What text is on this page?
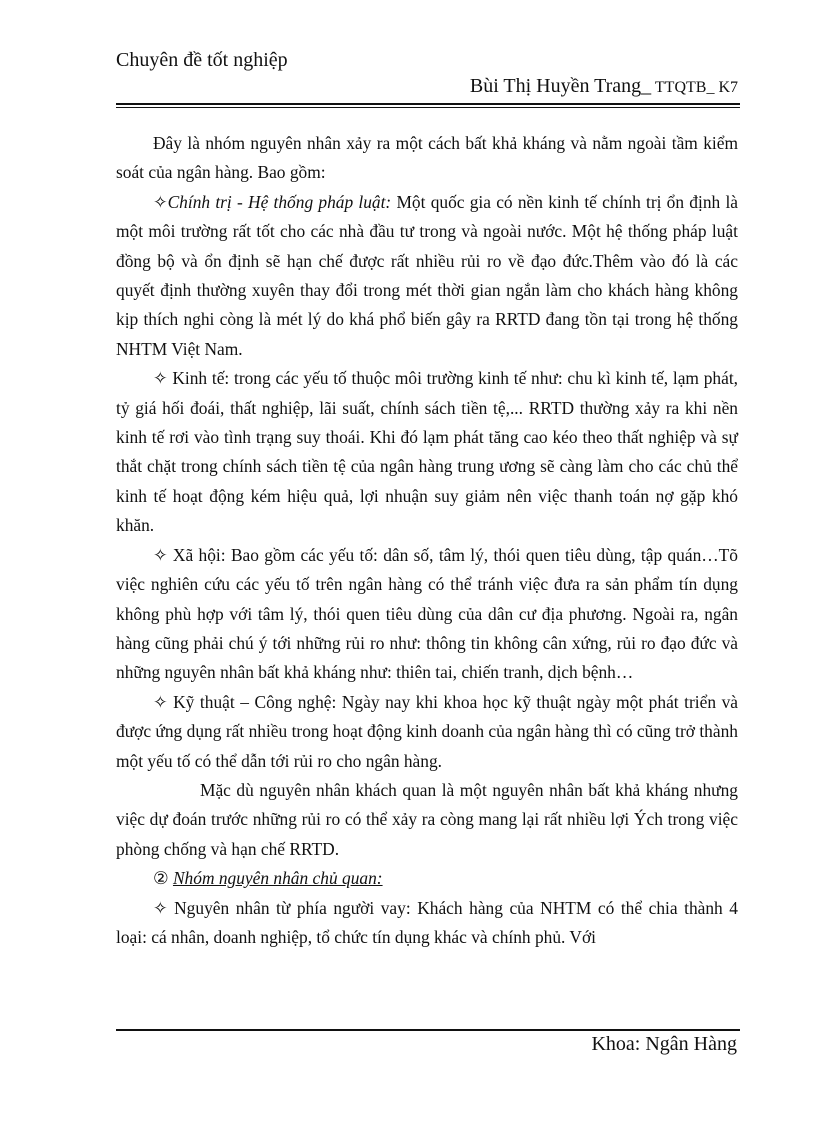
Chuyên đề tốt nghiệp
Bùi Thị Huyền Trang_ TTQTB_ K7

Đây là nhóm nguyên nhân xảy ra một cách bất khả kháng và nằm ngoài tầm kiểm soát của ngân hàng. Bao gồm:

✧Chính trị - Hệ thống pháp luật: Một quốc gia có nền kinh tế chính trị ổn định là một môi trường rất tốt cho các nhà đầu tư trong và ngoài nước. Một hệ thống pháp luật đồng bộ và ổn định sẽ hạn chế được rất nhiều rủi ro về đạo đức.Thêm vào đó là các quyết định thường xuyên thay đổi trong mét thời gian ngắn làm cho khách hàng không kịp thích nghi còng là mét lý do khá phổ biến gây ra RRTD đang tồn tại trong hệ thống NHTM Việt Nam.

✧ Kinh tế: trong các yếu tố thuộc môi trường kinh tế như: chu kì kinh tế, lạm phát, tỷ giá hối đoái, thất nghiệp, lãi suất, chính sách tiền tệ,... RRTD thường xảy ra khi nền kinh tế rơi vào tình trạng suy thoái. Khi đó lạm phát tăng cao kéo theo thất nghiệp và sự thắt chặt trong chính sách tiền tệ của ngân hàng trung ương sẽ càng làm cho các chủ thể kinh tế hoạt động kém hiệu quả, lợi nhuận suy giảm nên việc thanh toán nợ gặp khó khăn.

✧ Xã hội: Bao gồm các yếu tố: dân số, tâm lý, thói quen tiêu dùng, tập quán…Tõ việc nghiên cứu các yếu tố trên ngân hàng có thể tránh việc đưa ra sản phẩm tín dụng không phù hợp với tâm lý, thói quen tiêu dùng của dân cư địa phương. Ngoài ra, ngân hàng cũng phải chú ý tới những rủi ro như: thông tin không cân xứng, rủi ro đạo đức và những nguyên nhân bất khả kháng như: thiên tai, chiến tranh, dịch bệnh…

✧ Kỹ thuật – Công nghệ: Ngày nay khi khoa học kỹ thuật ngày một phát triển và được ứng dụng rất nhiều trong hoạt động kinh doanh của ngân hàng thì có cũng trở thành một yếu tố có thể dẫn tới rủi ro cho ngân hàng.

Mặc dù nguyên nhân khách quan là một nguyên nhân bất khả kháng nhưng việc dự đoán trước những rủi ro có thể xảy ra còng mang lại rất nhiều lợi Ých trong việc phòng chống và hạn chế RRTD.

② Nhóm nguyên nhân chủ quan:

✧ Nguyên nhân từ phía người vay: Khách hàng của NHTM có thể chia thành 4 loại: cá nhân, doanh nghiệp, tổ chức tín dụng khác và chính phủ. Với

Khoa: Ngân Hàng
